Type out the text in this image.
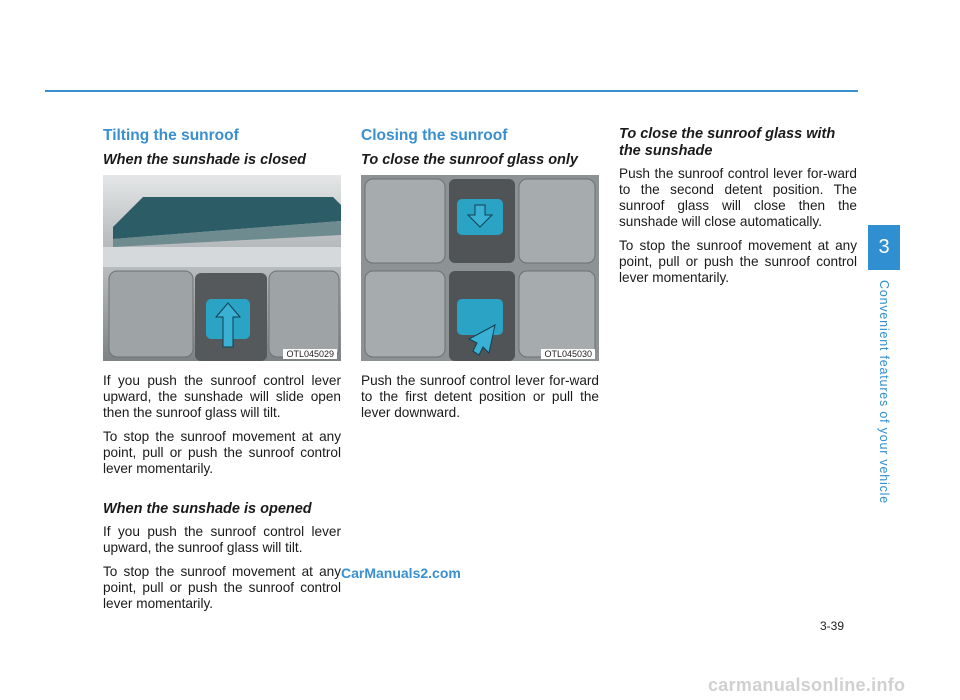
Tilting the sunroof
When the sunshade is closed
OTL045029

If you push the sunroof control lever upward, the sunshade will slide open then the sunroof glass will tilt.

To stop the sunroof movement at any point, pull or push the sunroof control lever momentarily.

When the sunshade is opened

If you push the sunroof control lever upward, the sunroof glass will tilt.

To stop the sunroof movement at any point, pull or push the sunroof control lever momentarily.

Closing the sunroof
To close the sunroof glass only
OTL045030

Push the sunroof control lever for-ward to the first detent position or pull the lever downward.

To close the sunroof glass with the sunshade

Push the sunroof control lever for-ward to the second detent position. The sunroof glass will close then the sunshade will close automatically.

To stop the sunroof movement at any point, pull or push the sunroof control lever momentarily.

3
Convenient features of your vehicle
3-39
CarManuals2.com
carmanualsonline.info
